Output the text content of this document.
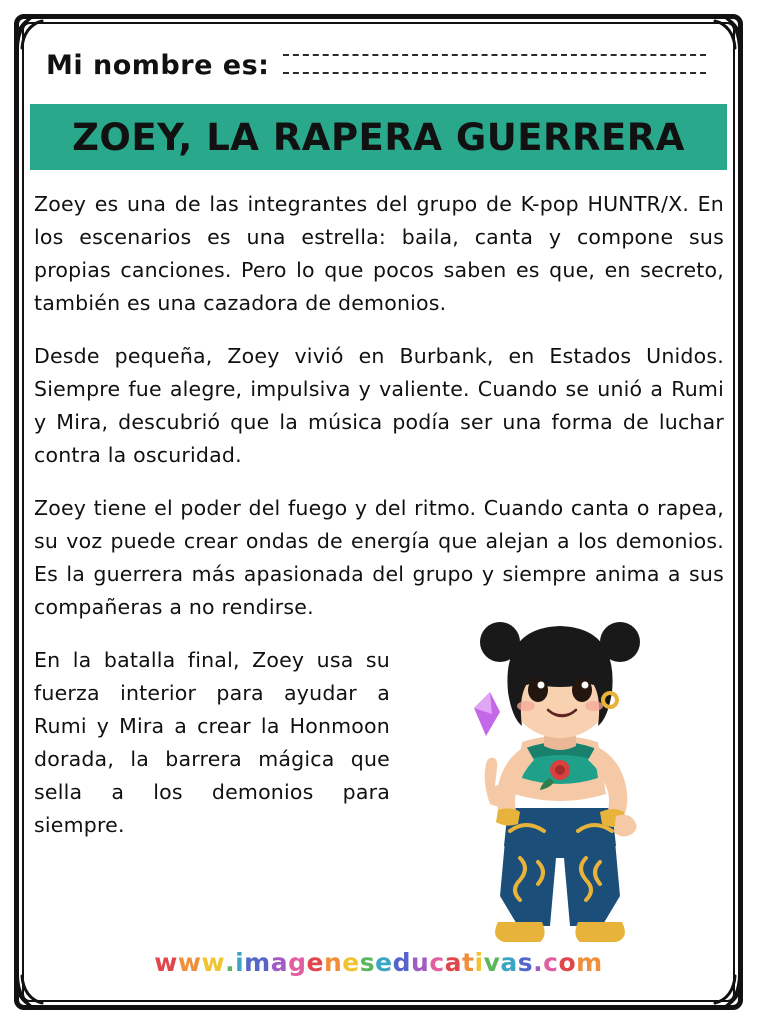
Mi nombre es:
ZOEY, LA RAPERA GUERRERA

Zoey es una de las integrantes del grupo de K-pop HUNTR/X. En los escenarios es una estrella: baila, canta y compone sus propias canciones. Pero lo que pocos saben es que, en secreto, también es una cazadora de demonios.

Desde pequeña, Zoey vivió en Burbank, en Estados Unidos. Siempre fue alegre, impulsiva y valiente. Cuando se unió a Rumi y Mira, descubrió que la música podía ser una forma de luchar contra la oscuridad.

Zoey tiene el poder del fuego y del ritmo. Cuando canta o rapea, su voz puede crear ondas de energía que alejan a los demonios. Es la guerrera más apasionada del grupo y siempre anima a sus compañeras a no rendirse.

En la batalla final, Zoey usa su fuerza interior para ayudar a Rumi y Mira a crear la Honmoon dorada, la barrera mágica que sella a los demonios para siempre.

www.imageneseducativas.com
